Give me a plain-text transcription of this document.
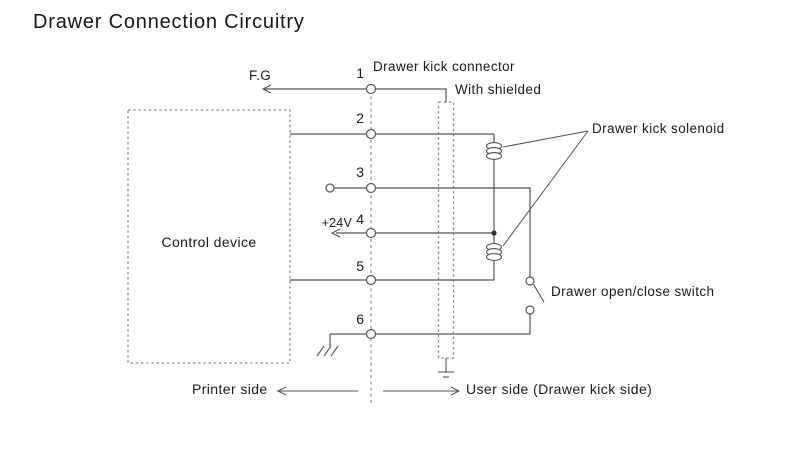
Drawer Connection Circuitry
Control device
F.G
Drawer kick connector
With shielded
Drawer kick solenoid
+24V
Drawer open/close switch
Printer side	User side (Drawer kick side)
1
2
3
4
5
6
